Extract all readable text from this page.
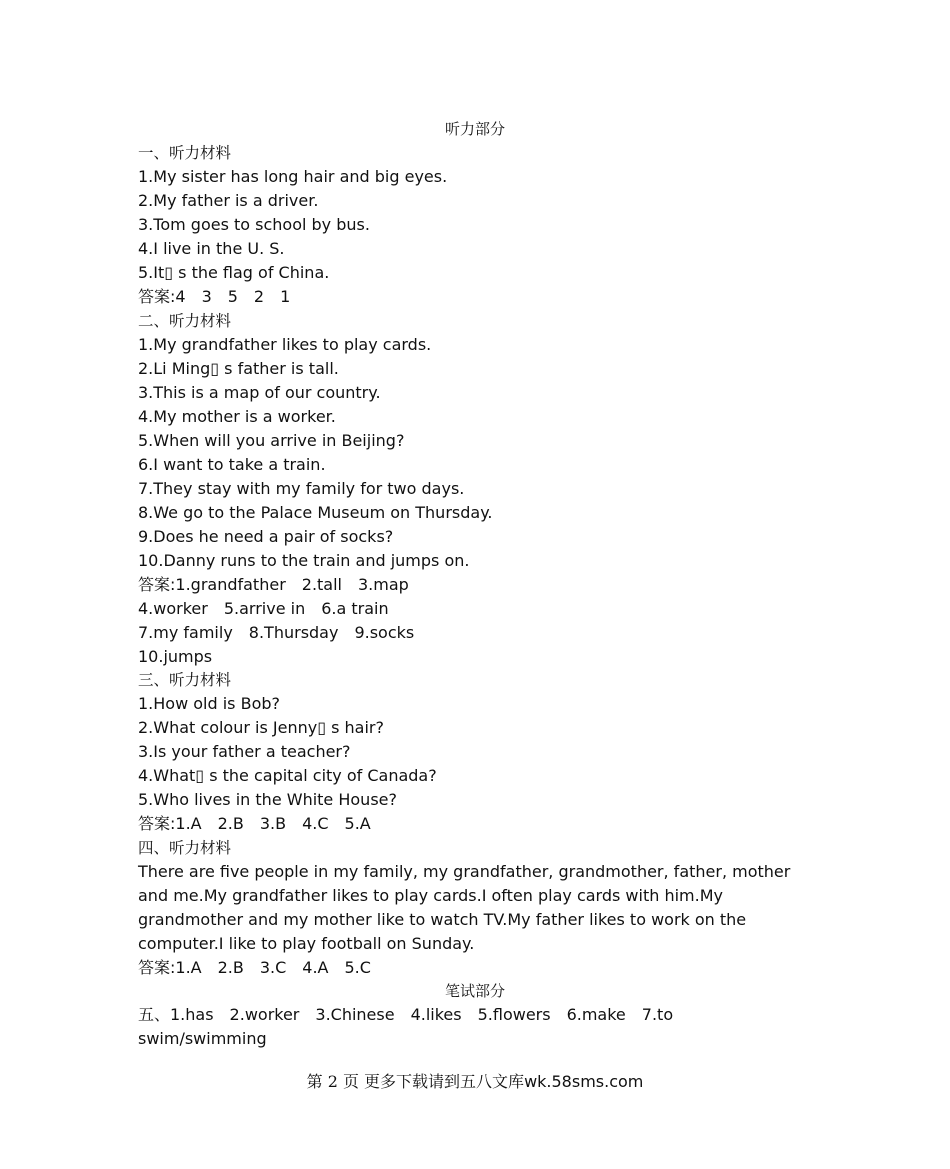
听力部分
一、听力材料
1.My sister has long hair and big eyes.
2.My father is a driver.
3.Tom goes to school by bus.
4.I live in the U. S.
5.It▯ s the flag of China.
答案:4　3　5　2　1
二、听力材料
1.My grandfather likes to play cards.
2.Li Ming▯ s father is tall.
3.This is a map of our country.
4.My mother is a worker.
5.When will you arrive in Beijing?
6.I want to take a train.
7.They stay with my family for two days.
8.We go to the Palace Museum on Thursday.
9.Does he need a pair of socks?
10.Danny runs to the train and jumps on.
答案:1.grandfather　2.tall　3.map
4.worker　5.arrive in　6.a train
7.my family　8.Thursday　9.socks
10.jumps
三、听力材料
1.How old is Bob?
2.What colour is Jenny▯ s hair?
3.Is your father a teacher?
4.What▯ s the capital city of Canada?
5.Who lives in the White House?
答案:1.A　2.B　3.B　4.C　5.A
四、听力材料
There are five people in my family, my grandfather, grandmother, father, mother
and me.My grandfather likes to play cards.I often play cards with him.My
grandmother and my mother like to watch TV.My father likes to work on the
computer.I like to play football on Sunday.
答案:1.A　2.B　3.C　4.A　5.C
笔试部分
五、1.has　2.worker　3.Chinese　4.likes　5.flowers　6.make　7.to
swim/swimming
第 2 页 更多下载请到五八文库wk.58sms.com
